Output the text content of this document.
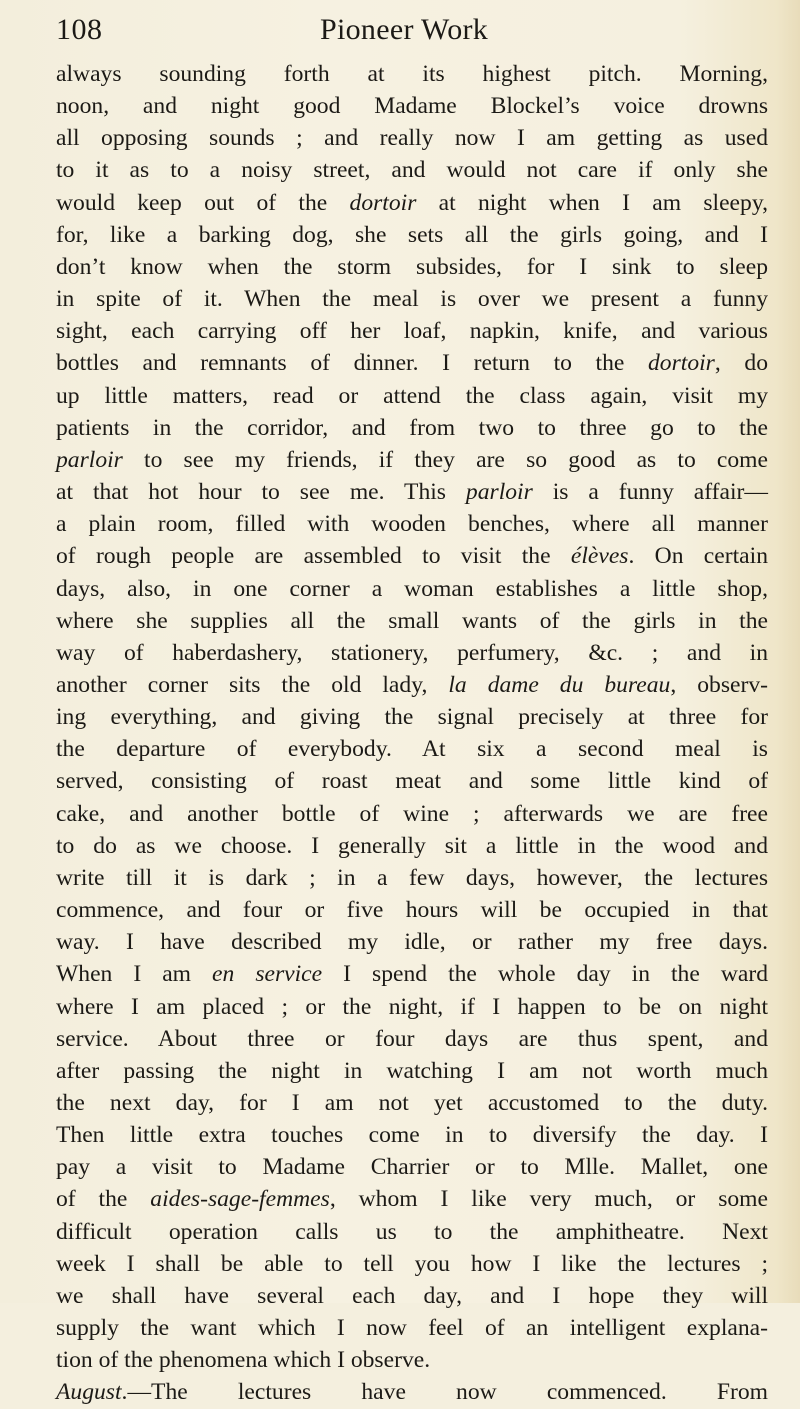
108	Pioneer Work
always sounding forth at its highest pitch. Morning,
noon, and night good Madame Blockel’s voice drowns
all opposing sounds ; and really now I am getting as used
to it as to a noisy street, and would not care if only she
would keep out of the dortoir at night when I am sleepy,
for, like a barking dog, she sets all the girls going, and I
don’t know when the storm subsides, for I sink to sleep
in spite of it. When the meal is over we present a funny
sight, each carrying off her loaf, napkin, knife, and various
bottles and remnants of dinner. I return to the dortoir, do
up little matters, read or attend the class again, visit my
patients in the corridor, and from two to three go to the
parloir to see my friends, if they are so good as to come
at that hot hour to see me. This parloir is a funny affair—
a plain room, filled with wooden benches, where all manner
of rough people are assembled to visit the élèves. On certain
days, also, in one corner a woman establishes a little shop,
where she supplies all the small wants of the girls in the
way of haberdashery, stationery, perfumery, &c. ; and in
another corner sits the old lady, la dame du bureau, observ-
ing everything, and giving the signal precisely at three for
the departure of everybody. At six a second meal is
served, consisting of roast meat and some little kind of
cake, and another bottle of wine ; afterwards we are free
to do as we choose. I generally sit a little in the wood and
write till it is dark ; in a few days, however, the lectures
commence, and four or five hours will be occupied in that
way. I have described my idle, or rather my free days.
When I am en service I spend the whole day in the ward
where I am placed ; or the night, if I happen to be on night
service. About three or four days are thus spent, and
after passing the night in watching I am not worth much
the next day, for I am not yet accustomed to the duty.
Then little extra touches come in to diversify the day. I
pay a visit to Madame Charrier or to Mlle. Mallet, one
of the aides-sage-femmes, whom I like very much, or some
difficult operation calls us to the amphitheatre. Next
week I shall be able to tell you how I like the lectures ;
we shall have several each day, and I hope they will
supply the want which I now feel of an intelligent explana-
tion of the phenomena which I observe.
August.—The lectures have now commenced. From
